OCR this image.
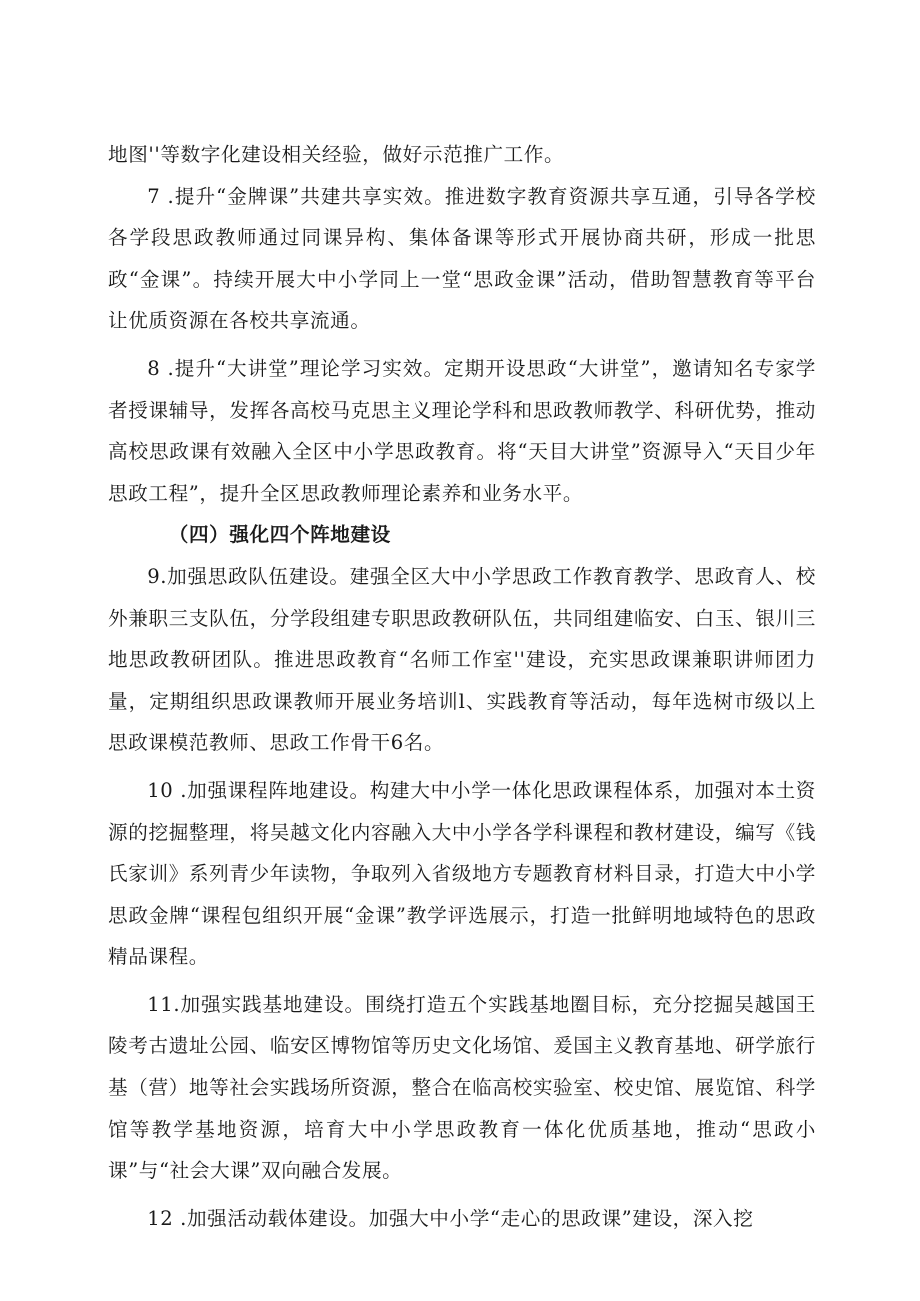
地图''等数字化建设相关经验，做好示范推广工作。

7 .提升“金牌课”共建共享实效。推进数字教育资源共享互通，引导各学校各学段思政教师通过同课异构、集体备课等形式开展协商共研，形成一批思政“金课”。持续开展大中小学同上一堂“思政金课”活动，借助智慧教育等平台让优质资源在各校共享流通。

8 .提升“大讲堂”理论学习实效。定期开设思政“大讲堂”，邀请知名专家学者授课辅导，发挥各高校马克思主义理论学科和思政教师教学、科研优势，推动高校思政课有效融入全区中小学思政教育。将“天目大讲堂”资源导入“天目少年思政工程”，提升全区思政教师理论素养和业务水平。

（四）强化四个阵地建设

9.加强思政队伍建设。建强全区大中小学思政工作教育教学、思政育人、校外兼职三支队伍，分学段组建专职思政教研队伍，共同组建临安、白玉、银川三地思政教研团队。推进思政教育“名师工作室''建设，充实思政课兼职讲师团力量，定期组织思政课教师开展业务培训l、实践教育等活动，每年选树市级以上思政课模范教师、思政工作骨干6名。

10 .加强课程阵地建设。构建大中小学一体化思政课程体系，加强对本土资源的挖掘整理，将吴越文化内容融入大中小学各学科课程和教材建设，编写《钱氏家训》系列青少年读物，争取列入省级地方专题教育材料目录，打造大中小学思政金牌“课程包组织开展“金课”教学评选展示，打造一批鲜明地域特色的思政精品课程。

11.加强实践基地建设。围绕打造五个实践基地圈目标，充分挖掘吴越国王陵考古遗址公园、临安区博物馆等历史文化场馆、爰国主义教育基地、研学旅行基（营）地等社会实践场所资源，整合在临高校实验室、校史馆、展览馆、科学馆等教学基地资源，培育大中小学思政教育一体化优质基地，推动“思政小课”与“社会大课”双向融合发展。

12 .加强活动载体建设。加强大中小学“走心的思政课”建设，深入挖
